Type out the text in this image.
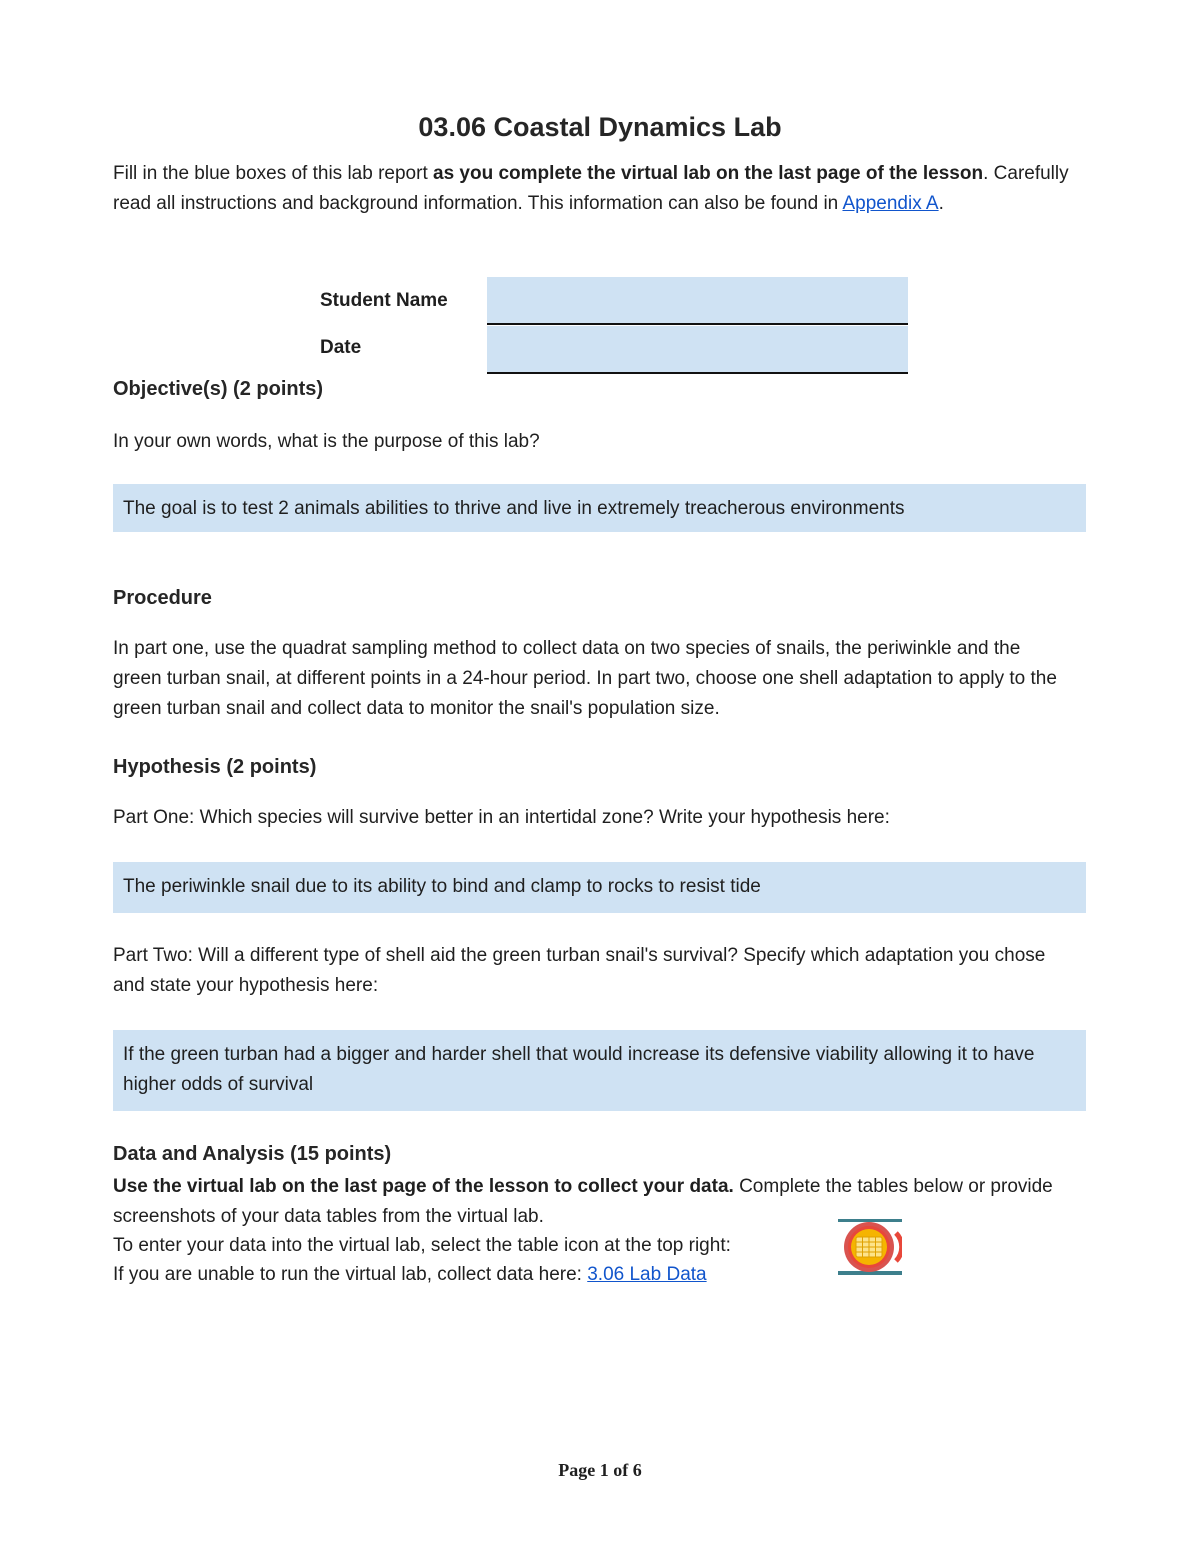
03.06 Coastal Dynamics Lab
Fill in the blue boxes of this lab report as you complete the virtual lab on the last page of the lesson. Carefully read all instructions and background information. This information can also be found in Appendix A.
Student Name
Date
Objective(s) (2 points)
In your own words, what is the purpose of this lab?
The goal is to test 2 animals abilities to thrive and live in extremely treacherous environments
Procedure
In part one, use the quadrat sampling method to collect data on two species of snails, the periwinkle and the green turban snail, at different points in a 24-hour period. In part two, choose one shell adaptation to apply to the green turban snail and collect data to monitor the snail's population size.
Hypothesis (2 points)
Part One: Which species will survive better in an intertidal zone? Write your hypothesis here:
The periwinkle snail due to its ability to bind and clamp to rocks to resist tide
Part Two: Will a different type of shell aid the green turban snail's survival? Specify which adaptation you chose and state your hypothesis here:
If the green turban had a bigger and harder shell that would increase its defensive viability allowing it to have higher odds of survival
Data and Analysis (15 points)
Use the virtual lab on the last page of the lesson to collect your data. Complete the tables below or provide screenshots of your data tables from the virtual lab.
To enter your data into the virtual lab, select the table icon at the top right:
If you are unable to run the virtual lab, collect data here: 3.06 Lab Data
Page 1 of 6
